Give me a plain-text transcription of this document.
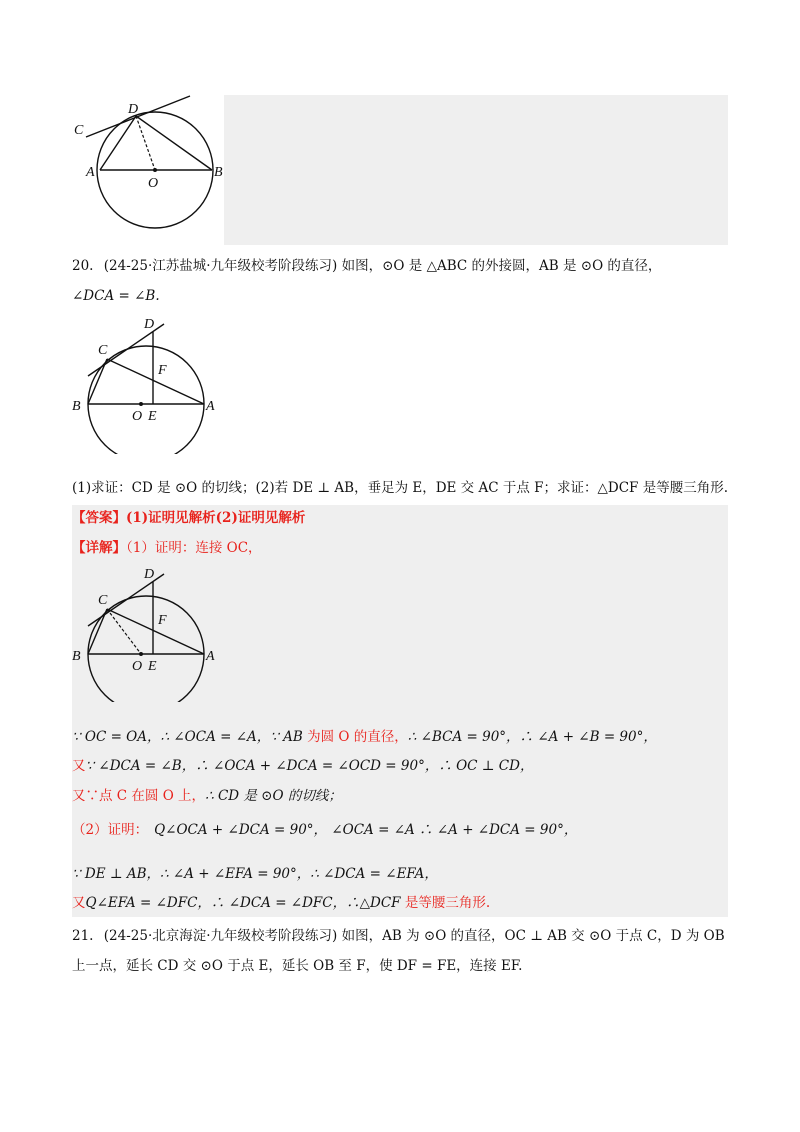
C
D
A
O
B
20. (24-25·江苏盐城·九年级校考阶段练习) 如图，⊙O 是 △ABC 的外接圆，AB 是 ⊙O 的直径，
∠DCA = ∠B.
D
C
F
B
O E
A
(1)求证：CD 是 ⊙O 的切线；(2)若 DE ⊥ AB，垂足为 E，DE 交 AC 于点 F；求证：△DCF 是等腰三角形.
【答案】(1)证明见解析(2)证明见解析
【详解】（1）证明：连接 OC，
D
C
F
B
O E
A
∵ OC = OA，∴ ∠OCA = ∠A，∵ AB 为圆 O 的直径，∴ ∠BCA = 90°，∴ ∠A + ∠B = 90°，
又∵ ∠DCA = ∠B，∴ ∠OCA + ∠DCA = ∠OCD = 90°，∴ OC ⊥ CD，
又∵点 C 在圆 O 上，∴ CD 是 ⊙O 的切线；
（2）证明： Q∠OCA + ∠DCA = 90°， ∠OCA = ∠A ∴ ∠A + ∠DCA = 90°，
∵ DE ⊥ AB，∴ ∠A + ∠EFA = 90°，∴ ∠DCA = ∠EFA，
又Q∠EFA = ∠DFC，∴ ∠DCA = ∠DFC，∴△DCF 是等腰三角形.
21. (24-25·北京海淀·九年级校考阶段练习) 如图，AB 为 ⊙O 的直径，OC ⊥ AB 交 ⊙O 于点 C，D 为 OB
上一点，延长 CD 交 ⊙O 于点 E，延长 OB 至 F，使 DF = FE，连接 EF.
